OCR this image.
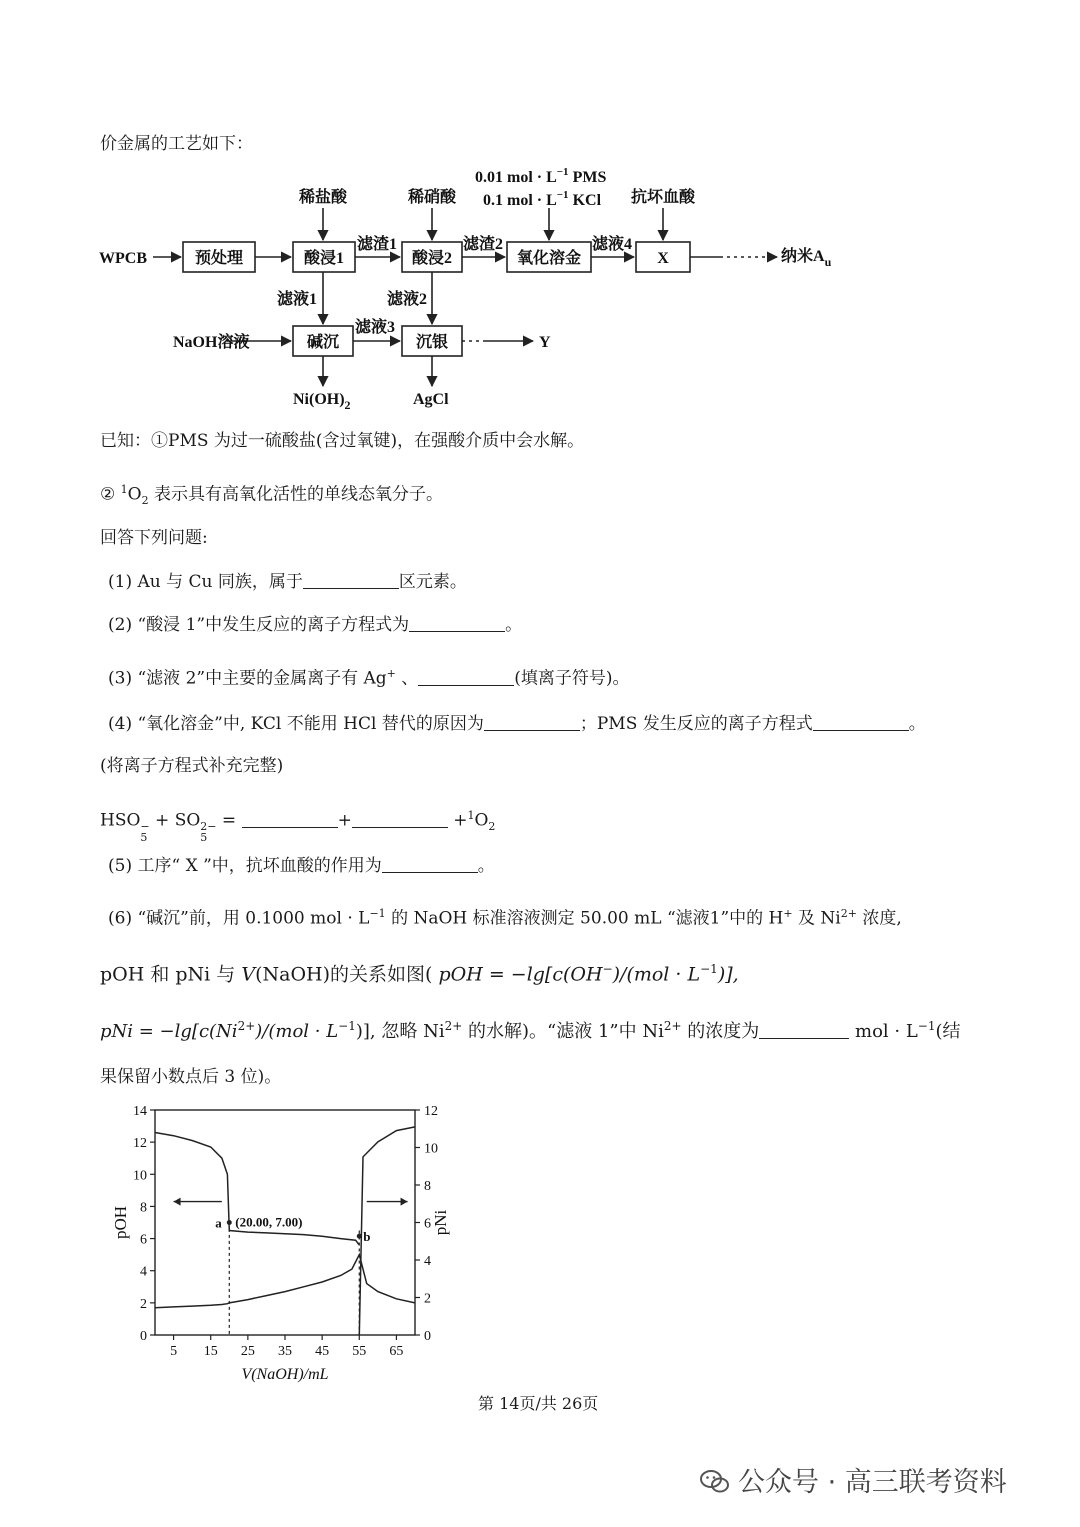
价金属的工艺如下：
WPCB	预处理	酸浸1	酸浸2	氧化溶金	X
碱沉	沉银
稀盐酸	稀硝酸	抗坏血酸
0.01 mol · $L^{-1}$ PMS
0.1 mol · $L^{-1}$ KCl
滤渣1	滤渣2	滤液4
滤液1	滤液2
滤液3
NaOH溶液
纳米$A_u$
Y
$Ni(OH)_2$	AgCl
已知：①PMS 为过一硫酸盐(含过氧键)，在强酸介质中会水解。
② $^1O_2$ 表示具有高氧化活性的单线态氧分子。
回答下列问题:
(1) Au 与 Cu 同族，属于	区元素。
(2) “酸浸 1”中发生反应的离子方程式为	。
(3) “滤液 2”中主要的金属离子有 Ag+ 、	(填离子符号)。
(4) “氧化溶金”中, KCl 不能用 HCl 替代的原因为	；PMS 发生反应的离子方程式	。
(将离子方程式补充完整)
HSO −
5
+ SO 2−
5
=	+	$+^1O_2$
(5) 工序“ X ”中，抗坏血酸的作用为	。
(6) “碱沉”前，用 0.1000 mol · $L^{-1}$ 的 NaOH 标准溶液测定 50.00 mL “滤液1”中的 H+ 及 $Ni^{2+}$ 浓度,
pOH 和 pNi 与 V(NaOH)的关系如图( pOH = $-\lg[c(OH^-)/(mol \cdot L^{-1})]$,
pNi = $-\lg[c(Ni^{2+})/(mol \cdot L^{-1})]$, 忽略 $Ni^{2+}$ 的水解)。“滤液 1”中 $Ni^{2+}$ 的浓度为	mol · $L^{-1}$(结
果保留小数点后 3 位)。
0
2
4
6
8
10
12
14
0
2
4
6
8
10
12
5 15 25 35 45 55 65
V(NaOH)/mL
pOH	pNi
a (20.00, 7.00)
b
第 14页/共 26页
公众号 · 高三联考资料
